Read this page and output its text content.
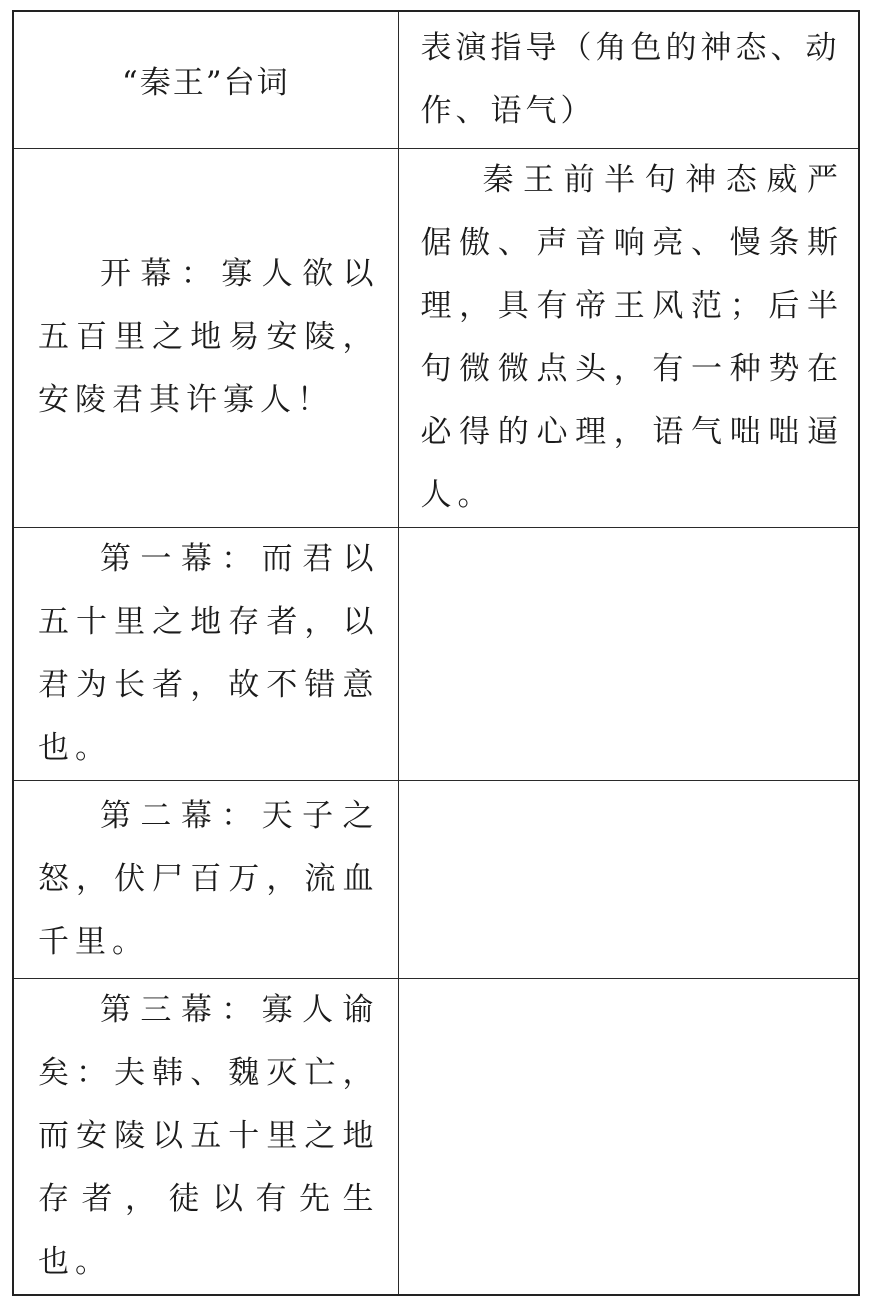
“秦王”台词	表演指导（角色的神态、动作、语气）

开幕：寡人欲以五百里之地易安陵，安陵君其许寡人！	秦王前半句神态威严倨傲、声音响亮、慢条斯理，具有帝王风范；后半句微微点头，有一种势在必得的心理，语气咄咄逼人。

第一幕：而君以五十里之地存者，以君为长者，故不错意也。	

第二幕：天子之怒，伏尸百万，流血千里。	

第三幕：寡人谕矣：夫韩、魏灭亡，而安陵以五十里之地存者，徒以有先生也。	
